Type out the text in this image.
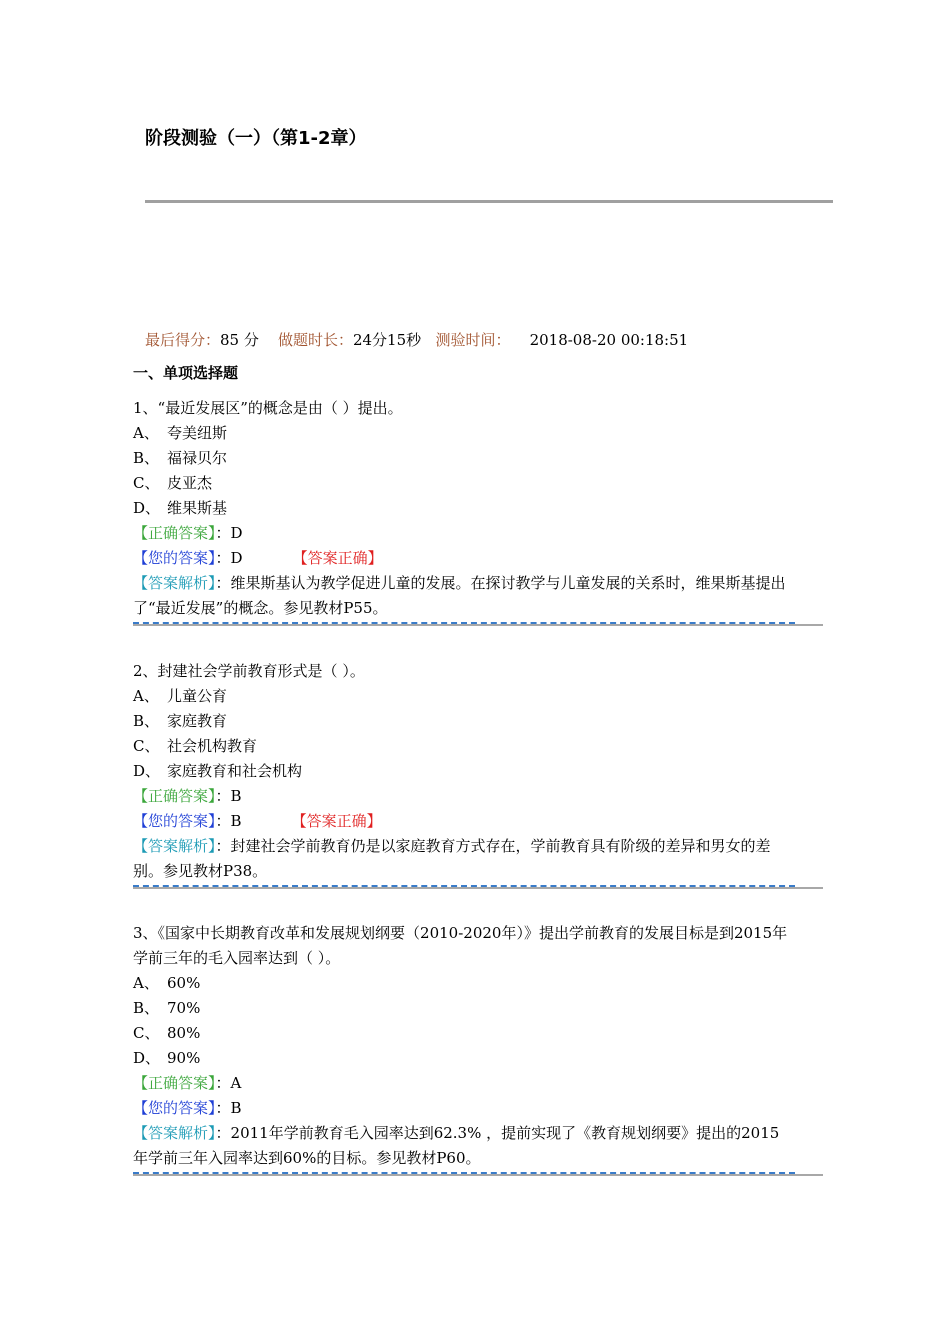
阶段测验（一）（第1-2章）
最后得分：85 分 做题时长：24分15秒 测验时间： 2018-08-20 00:18:51
一、单项选择题
1、“最近发展区”的概念是由（ ）提出。
A、 夸美纽斯
B、 福禄贝尔
C、 皮亚杰
D、 维果斯基
【正确答案】：D
【您的答案】：D	【答案正确】
【答案解析】：维果斯基认为教学促进儿童的发展。在探讨教学与儿童发展的关系时，维果斯基提出了“最近发展”的概念。参见教材P55。
2、封建社会学前教育形式是（ ）。
A、 儿童公育
B、 家庭教育
C、 社会机构教育
D、 家庭教育和社会机构
【正确答案】：B
【您的答案】：B	【答案正确】
【答案解析】：封建社会学前教育仍是以家庭教育方式存在，学前教育具有阶级的差异和男女的差别。参见教材P38。
3、《国家中长期教育改革和发展规划纲要（2010-2020年）》提出学前教育的发展目标是到2015年学前三年的毛入园率达到（ ）。
A、 60%
B、 70%
C、 80%
D、 90%
【正确答案】：A
【您的答案】：B
【答案解析】：2011年学前教育毛入园率达到62.3% ，提前实现了《教育规划纲要》提出的2015年学前三年入园率达到60%的目标。参见教材P60。
